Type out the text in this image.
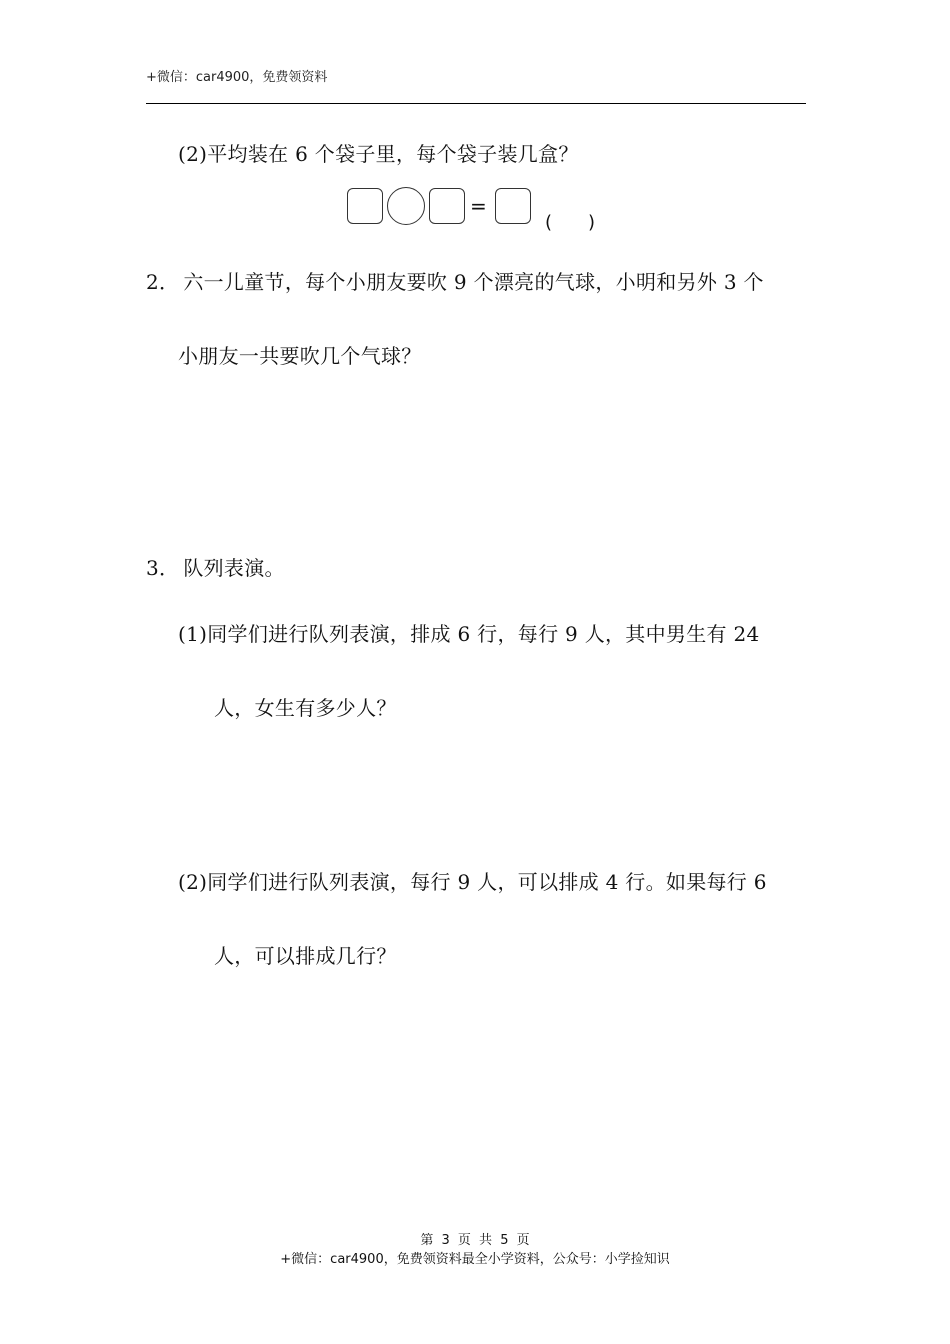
+微信：car4900，免费领资料
(2)平均装在 6 个袋子里，每个袋子装几盒？
=
(　　)
2． 六一儿童节，每个小朋友要吹 9 个漂亮的气球，小明和另外 3 个
小朋友一共要吹几个气球？
3． 队列表演。
(1)同学们进行队列表演，排成 6 行，每行 9 人，其中男生有 24
人，女生有多少人？
(2)同学们进行队列表演，每行 9 人，可以排成 4 行。如果每行 6
人，可以排成几行？
第 3 页 共 5 页
+微信：car4900，免费领资料最全小学资料，公众号：小学捡知识
